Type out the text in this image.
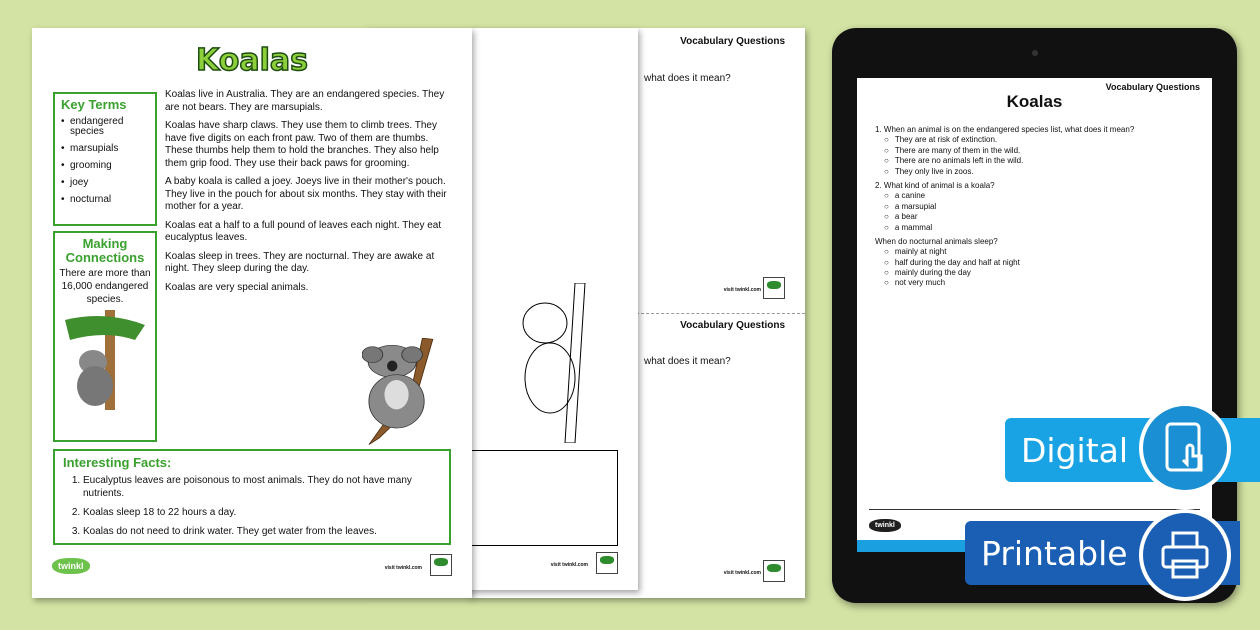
Vocabulary Questions
what does it mean?
visit twinkl.com
Vocabulary Questions
what does it mean?
visit twinkl.com
visit twinkl.com
Koalas
Key Terms
• endangered species
• marsupials
• grooming
• joey
• nocturnal
Making Connections

There are more than 16,000 endangered species.

Koalas live in Australia. They are an endangered species. They are not bears. They are marsupials.

Koalas have sharp claws. They use them to climb trees. They have five digits on each front paw. Two of them are thumbs. These thumbs help them to hold the branches. They also help them grip food. They use their back paws for grooming.

A baby koala is called a joey. Joeys live in their mother's pouch. They live in the pouch for about six months. They stay with their mother for a year.

Koalas eat a half to a full pound of leaves each night. They eat eucalyptus leaves.

Koalas sleep in trees. They are nocturnal. They are awake at night. They sleep during the day.

Koalas are very special animals.

Interesting Facts:
1. Eucalyptus leaves are poisonous to most animals. They do not have many nutrients.
2. Koalas sleep 18 to 22 hours a day.
3. Koalas do not need to drink water. They get water from the leaves.
twinkl	visit twinkl.com
Vocabulary Questions
Koalas
1. When an animal is on the endangered species list, what does it mean?
○ They are at risk of extinction.
○ There are many of them in the wild.
○ There are no animals left in the wild.
○ They only live in zoos.
2. What kind of animal is a koala?
○ a canine
○ a marsupial
○ a bear
○ a mammal
When do nocturnal animals sleep?
○ mainly at night
○ half during the day and half at night
○ mainly during the day
○ not very much
twinkl
Digital
Printable
